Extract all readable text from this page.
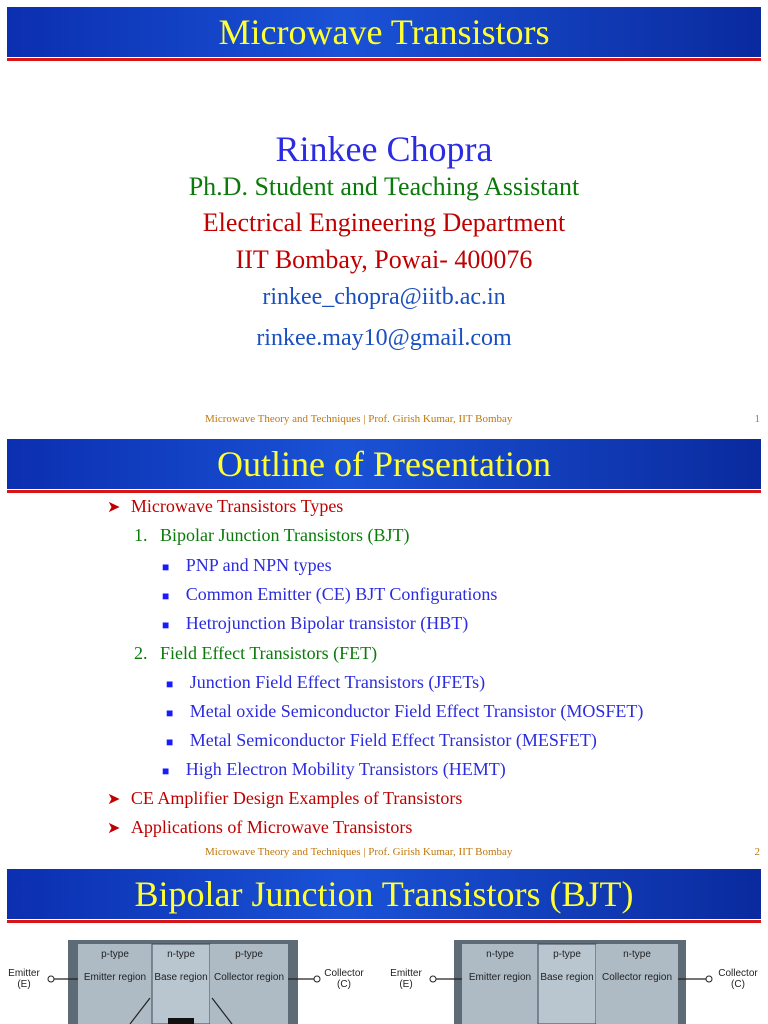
Microwave Transistors
Rinkee Chopra
Ph.D. Student and Teaching Assistant
Electrical Engineering Department
IIT Bombay, Powai- 400076
rinkee_chopra@iitb.ac.in
rinkee.may10@gmail.com
Microwave Theory and Techniques | Prof. Girish Kumar, IIT Bombay	1
Outline of Presentation
➤ Microwave Transistors Types
1. Bipolar Junction Transistors (BJT)
■ PNP and NPN types
■ Common Emitter (CE) BJT Configurations
■ Hetrojunction Bipolar transistor (HBT)
2. Field Effect Transistors (FET)
■ Junction Field Effect Transistors (JFETs)
■ Metal oxide Semiconductor Field Effect Transistor (MOSFET)
■ Metal Semiconductor Field Effect Transistor (MESFET)
■ High Electron Mobility Transistors (HEMT)
➤ CE Amplifier Design Examples of Transistors
➤ Applications of Microwave Transistors
Microwave Theory and Techniques | Prof. Girish Kumar, IIT Bombay	2
Bipolar Junction Transistors (BJT)
p-type	n-type	p-type
Emitter region Base region Collector region
Emitter
(E)
Collector
(C)
n-type	p-type	n-type
Emitter region Base region Collector region
Emitter
(E)
Collector
(C)
